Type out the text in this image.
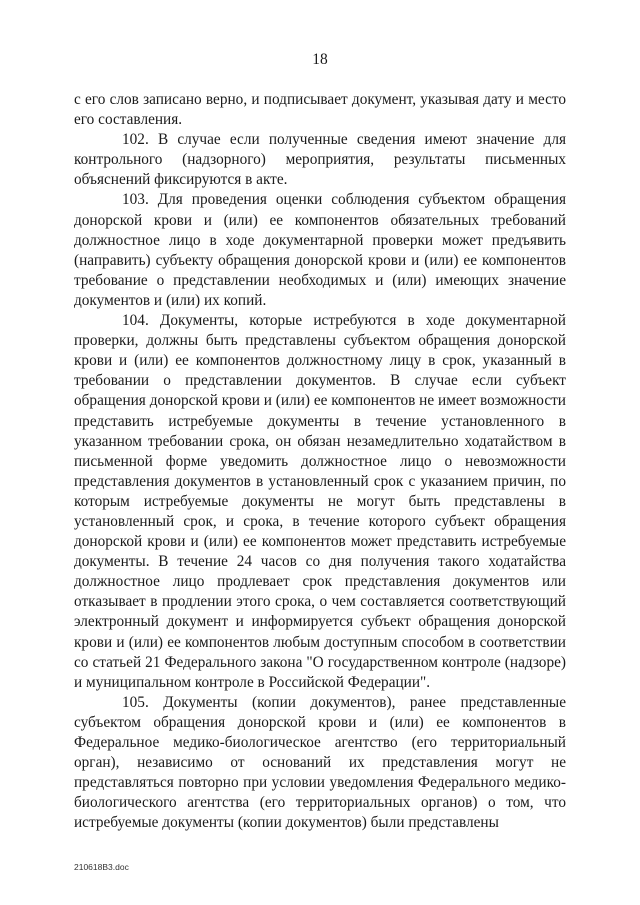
18

с его слов записано верно, и подписывает документ, указывая дату и место его составления.

102. В случае если полученные сведения имеют значение для контрольного (надзорного) мероприятия, результаты письменных объяснений фиксируются в акте.

103. Для проведения оценки соблюдения субъектом обращения донорской крови и (или) ее компонентов обязательных требований должностное лицо в ходе документарной проверки может предъявить (направить) субъекту обращения донорской крови и (или) ее компонентов требование о представлении необходимых и (или) имеющих значение документов и (или) их копий.

104. Документы, которые истребуются в ходе документарной проверки, должны быть представлены субъектом обращения донорской крови и (или) ее компонентов должностному лицу в срок, указанный в требовании о представлении документов. В случае если субъект обращения донорской крови и (или) ее компонентов не имеет возможности представить истребуемые документы в течение установленного в указанном требовании срока, он обязан незамедлительно ходатайством в письменной форме уведомить должностное лицо о невозможности представления документов в установленный срок с указанием причин, по которым истребуемые документы не могут быть представлены в установленный срок, и срока, в течение которого субъект обращения донорской крови и (или) ее компонентов может представить истребуемые документы. В течение 24 часов со дня получения такого ходатайства должностное лицо продлевает срок представления документов или отказывает в продлении этого срока, о чем составляется соответствующий электронный документ и информируется субъект обращения донорской крови и (или) ее компонентов любым доступным способом в соответствии со статьей 21 Федерального закона "О государственном контроле (надзоре) и муниципальном контроле в Российской Федерации".

105. Документы (копии документов), ранее представленные субъектом обращения донорской крови и (или) ее компонентов в Федеральное медико-биологическое агентство (его территориальный орган), независимо от оснований их представления могут не представляться повторно при условии уведомления Федерального медико-биологического агентства (его территориальных органов) о том, что истребуемые документы (копии документов) были представлены

210618B3.doc
